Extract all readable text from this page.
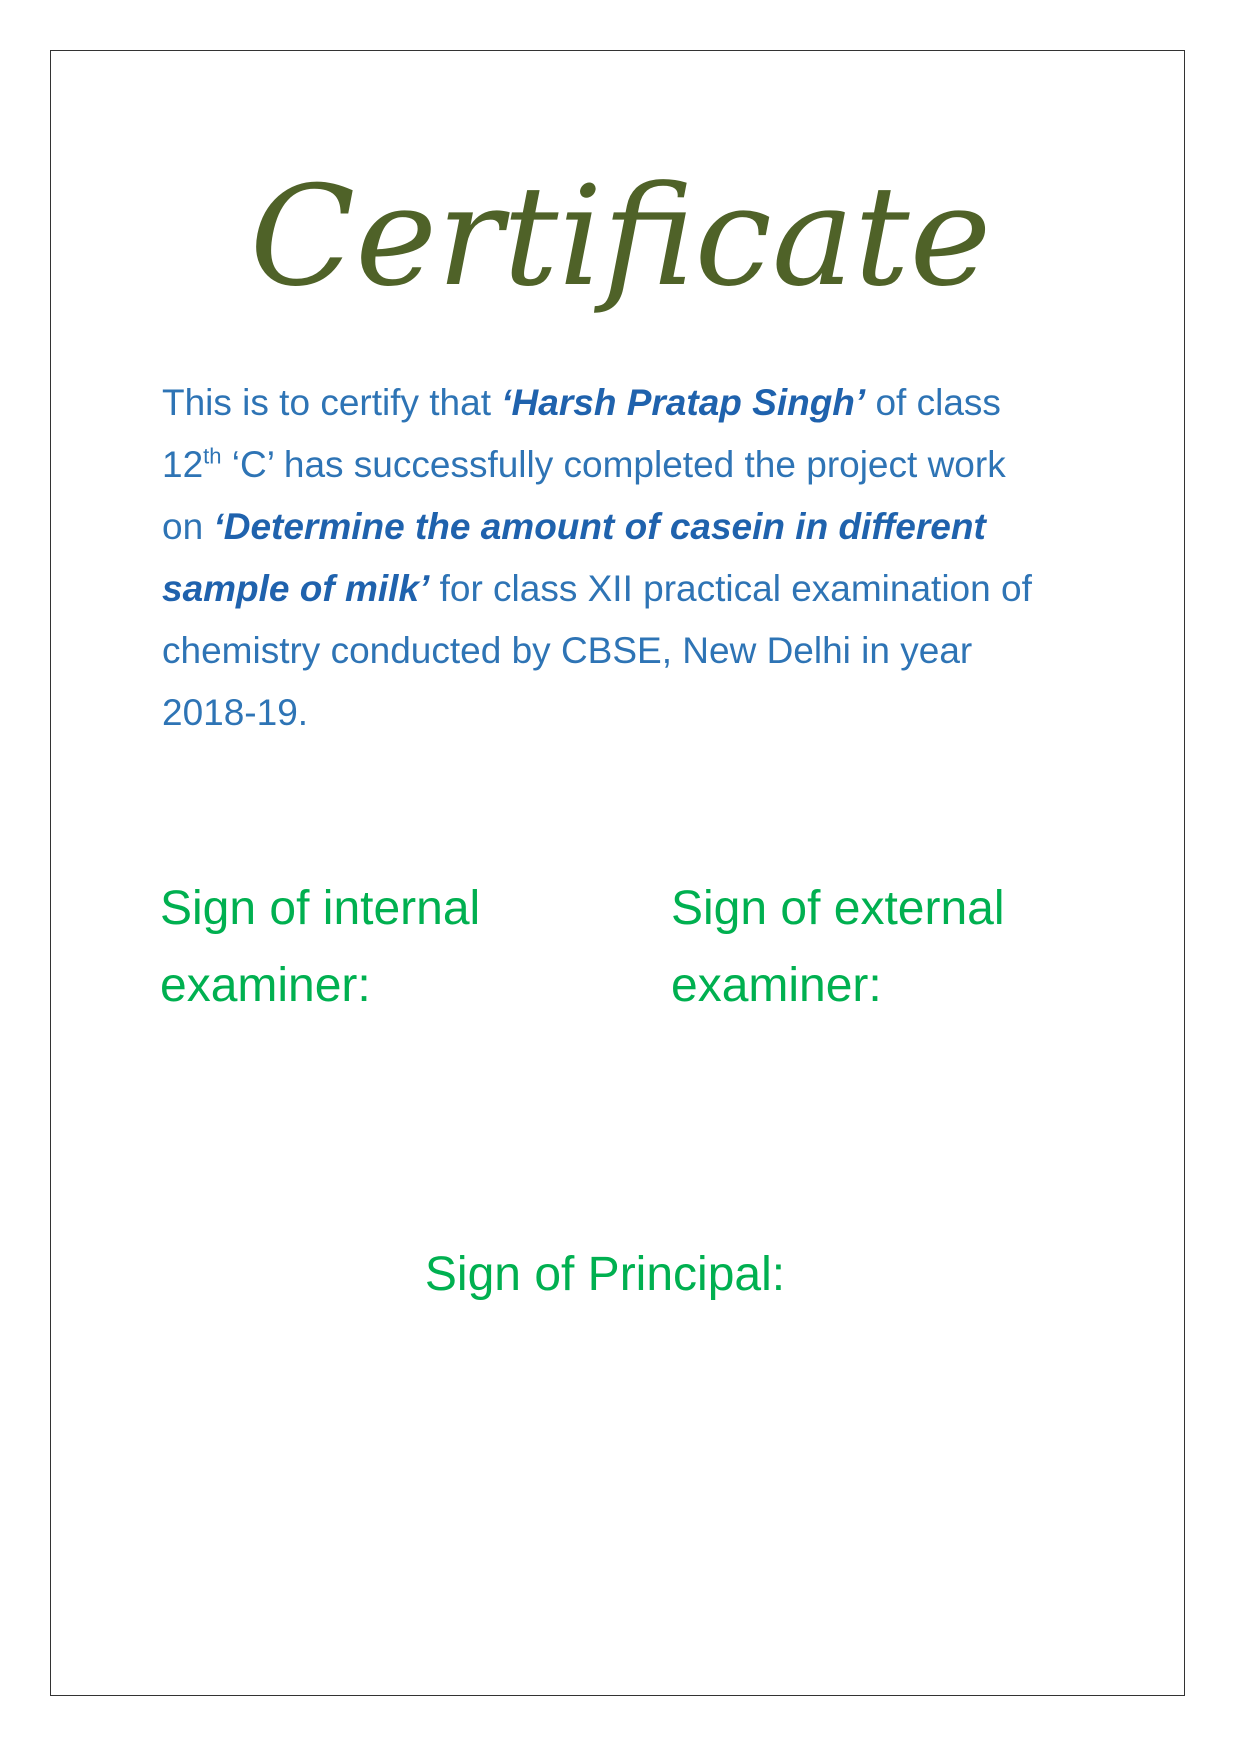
Certificate

This is to certify that ‘Harsh Pratap Singh’ of class 12th ‘C’ has successfully completed the project work on ‘Determine the amount of casein in different sample of milk’ for class XII practical examination of chemistry conducted by CBSE, New Delhi in year 2018-19.

Sign of internal
examiner:
Sign of external
examiner:
Sign of Principal:
